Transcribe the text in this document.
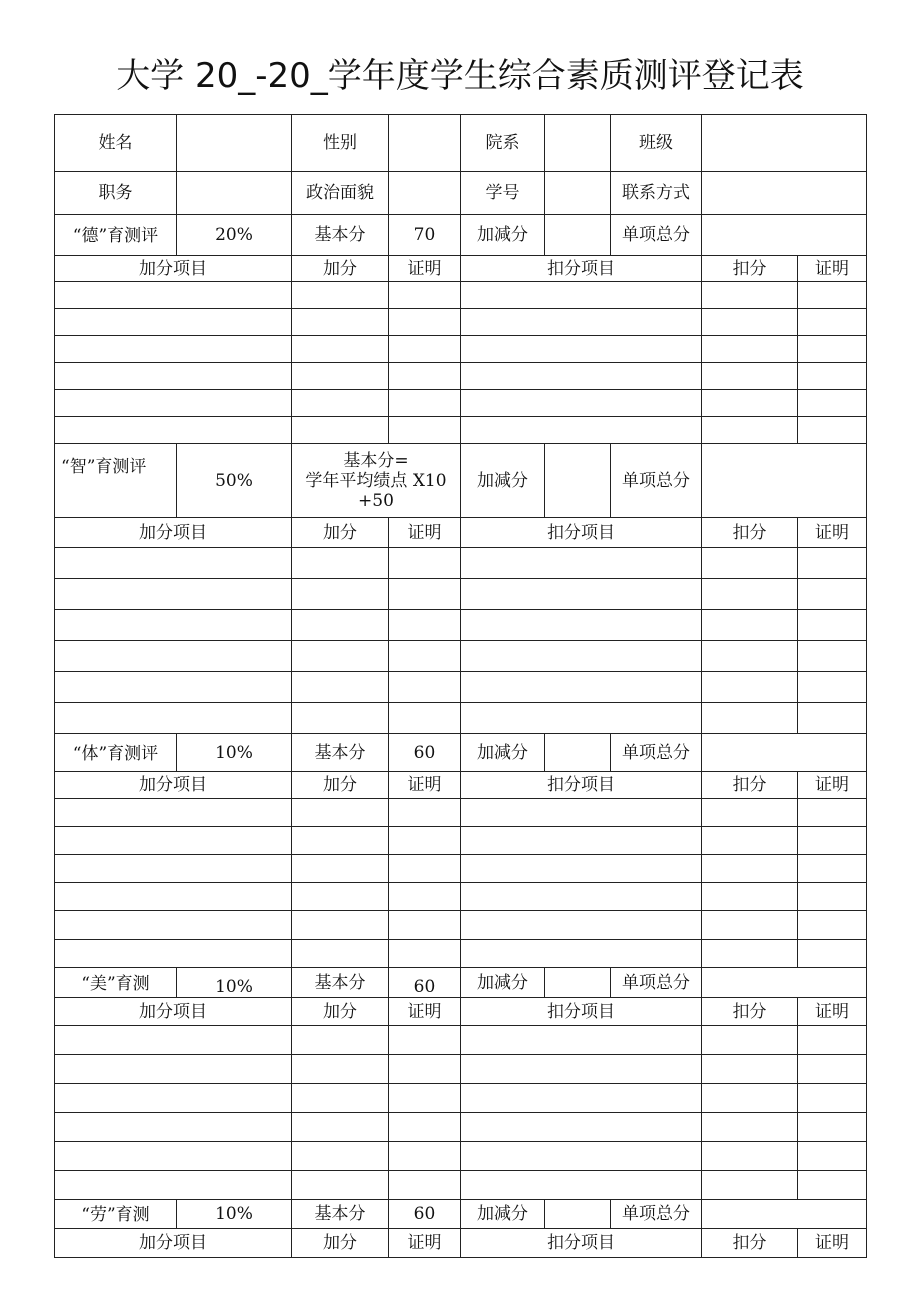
大学 20_-20_学年度学生综合素质测评登记表
姓名		性别		院系		班级		
职务		政治面貌		学号		联系方式		

“德”育测评	20%	基本分	70	加减分		单项总分		
加分项目		加分	证明	扣分项目			扣分	证明

“智”育测评	50%	基本分=
学年平均绩点 X10
+50		加减分		单项总分		
加分项目		加分	证明	扣分项目			扣分	证明

“体”育测评	10%	基本分	60	加减分		单项总分		
加分项目		加分	证明	扣分项目			扣分	证明

“美”育测	10%	基本分	60	加减分		单项总分		
加分项目		加分	证明	扣分项目			扣分	证明

“劳”育测	10%	基本分	60	加减分		单项总分		
加分项目		加分	证明	扣分项目			扣分	证明
